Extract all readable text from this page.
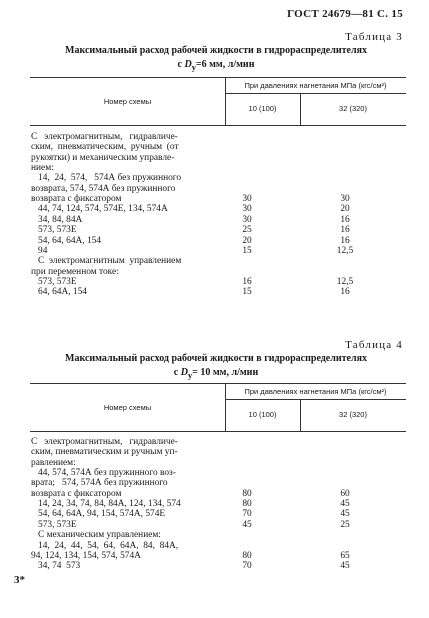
ГОСТ 24679—81 С. 15
Таблица 3
Максимальный расход рабочей жидкости в гидрораспределителях
с $D_у=6$ мм, л/мин
Номер схемы
При давлениях нагнетания МПа (кгс/см²)
10 (100)	32 (320)
С   электромагнитным,   гидравличе-
ским,  пневматическим,  ручным  (от
рукоятки) и механическим управле-
нием:
14,  24,  574,   574А без пружинного
возврата, 574, 574А без пружинного
возврата с фиксатором	30	30
44, 74, 124, 574, 574Е, 134, 574А	30	20
34, 84, 84А	30	16
573, 573Е	25	16
54, 64, 64А, 154	20	16
94	15	12,5
С  электромагнитным  управлением
при переменном токе:
573, 573Е	16	12,5
64, 64А, 154	15	16
Таблица 4
Максимальный расход рабочей жидкости в гидрораспределителях
с $D_у= 10$ мм, л/мин
Номер схемы
При давлениях нагнетания МПа (кгс/см²)
10 (100)	32 (320)
С   электромагнитным,   гидравличе-
ским, пневматическим и ручным уп-
равлением:
44, 574, 574А без пружинного воз-
врата;   574, 574А без пружинного
возврата с фиксатором	80	60
14, 24, 34, 74, 84, 84А, 124, 134, 574	80	45
54, 64, 64А, 94, 154, 574А, 574Е	70	45
573, 573Е	45	25
С механическим управлением:
14,  24,  44,  54,  64,  64А,  84,  84А,
94, 124, 134, 154, 574, 574А	80	65
34, 74  573	70	45
3*
